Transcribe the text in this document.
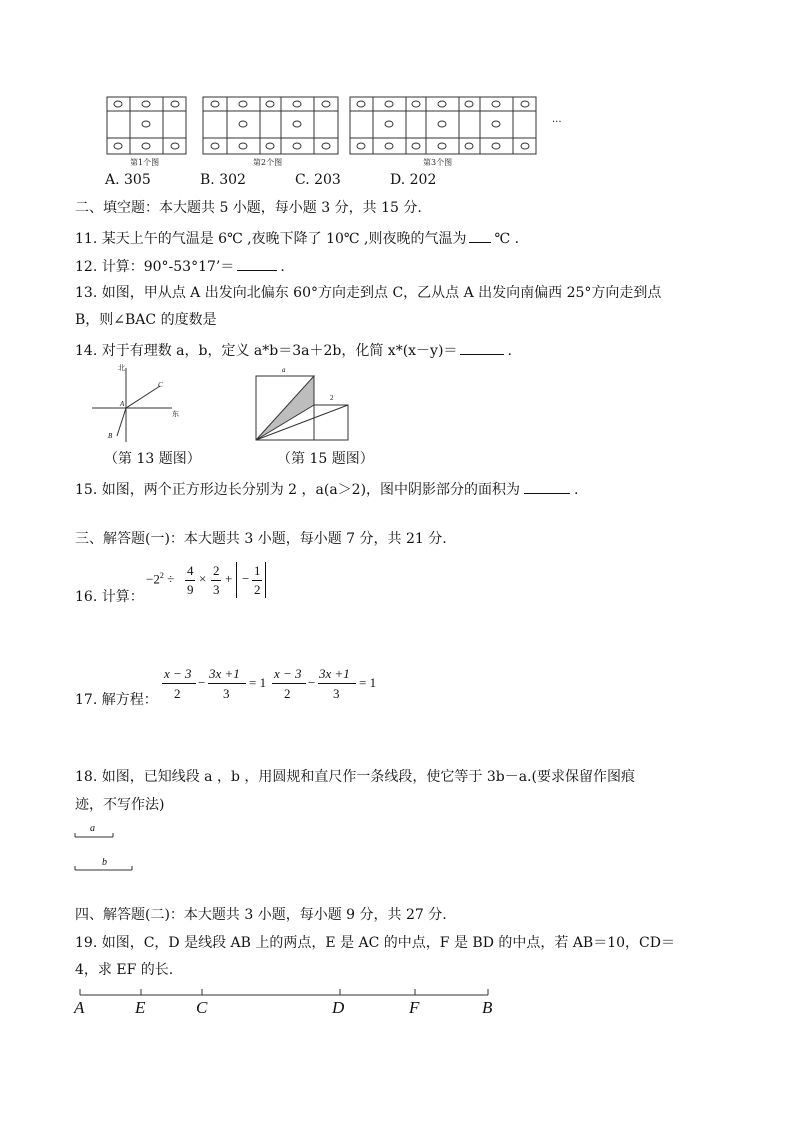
第1个图	第2个图	第3个图
...
A. 305	B. 302	C. 203	D. 202
二、填空题：本大题共 5 小题，每小题 3 分，共 15 分.
11. 某天上午的气温是 6℃ ,夜晚下降了 10℃ ,则夜晚的气温为 ℃ .
12. 计算：90°-53°17’＝	.
13. 如图，甲从点 A 出发向北偏东 60°方向走到点 C，乙从点 A 出发向南偏西 25°方向走到点
B，则∠BAC 的度数是
14. 对于有理数 a，b，定义 a*b＝3a＋2b，化简 x*(x－y)＝	.
北
东
A
B
C
a
2
（第 13 题图）	（第 15 题图）
15. 如图，两个正方形边长分别为 2 ，a(a＞2)，图中阴影部分的面积为	.
三、解答题(一)：本大题共 3 小题，每小题 7 分，共 21 分.
16. 计算：
$-2^2$ ÷
4
9
×
2
3
+ −
1
2
17. 解方程：
x − 3
2
−
3x +1
3
= 1
x − 3
2
−
3x +1
3
= 1
18. 如图，已知线段 a ，b ，用圆规和直尺作一条线段，使它等于 3b－a.(要求保留作图痕
迹，不写作法)
a
b
四、解答题(二)：本大题共 3 小题，每小题 9 分，共 27 分.
19. 如图，C，D 是线段 AB 上的两点，E 是 AC 的中点，F 是 BD 的中点，若 AB＝10，CD＝
4，求 EF 的长.
A	E	C	D	F	B
